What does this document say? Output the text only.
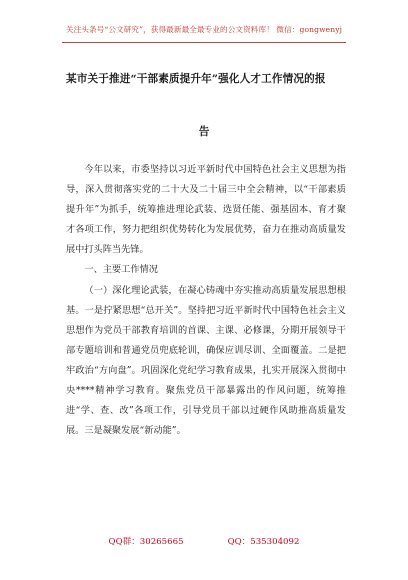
关注头条号“公文研究”，获得最新最全最专业的公文资料库！ 微信：gongwenyj
某市关于推进“干部素质提升年”强化人才工作情况的报
告

今年以来，市委坚持以习近平新时代中国特色社会主义思想为指导，深入贯彻落实党的二十大及二十届三中全会精神，以“干部素质提升年”为抓手，统筹推进理论武装、选贤任能、强基固本、育才聚才各项工作，努力把组织优势转化为发展优势，奋力在推动高质量发展中打头阵当先锋。

一、主要工作情况

（一）深化理论武装，在凝心铸魂中夯实推动高质量发展思想根基。一是拧紧思想“总开关”。坚持把习近平新时代中国特色社会主义思想作为党员干部教育培训的首课、主课、必修课，分期开展领导干部专题培训和普通党员兜底轮训，确保应训尽训、全面覆盖。二是把牢政治“方向盘”。巩固深化党纪学习教育成果，扎实开展深入贯彻中央****精神学习教育。聚焦党员干部暴露出的作风问题，统筹推进“学、查、改”各项工作，引导党员干部以过硬作风助推高质量发展。三是凝聚发展“新动能”。

QQ群：30265665	QQ：535304092
